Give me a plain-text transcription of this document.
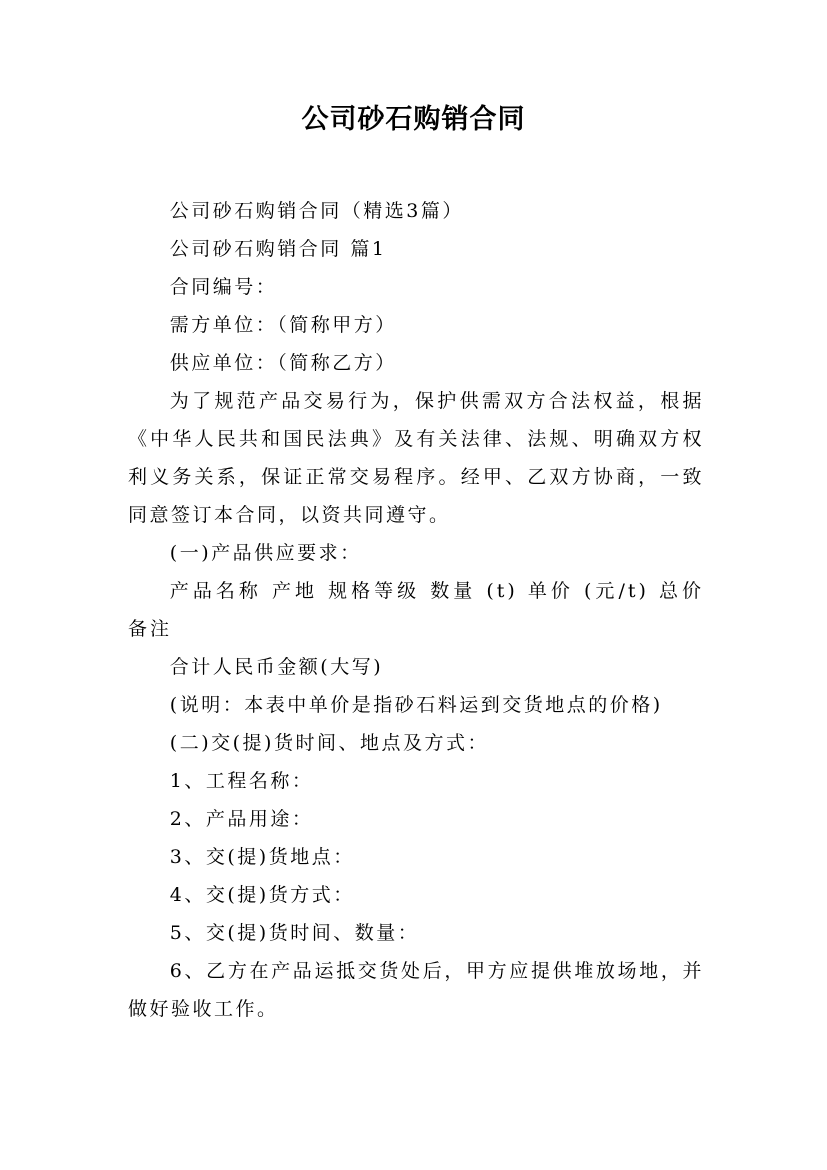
公司砂石购销合同

公司砂石购销合同（精选3篇）

公司砂石购销合同 篇1

合同编号：

需方单位：（简称甲方）

供应单位：（简称乙方）

为了规范产品交易行为，保护供需双方合法权益，根据《中华人民共和国民法典》及有关法律、法规、明确双方权利义务关系，保证正常交易程序。经甲、乙双方协商，一致同意签订本合同，以资共同遵守。

(一)产品供应要求：

产品名称 产地 规格等级 数量 (t) 单价 (元/t) 总价 备注

合计人民币金额(大写)

(说明：本表中单价是指砂石料运到交货地点的价格)

(二)交(提)货时间、地点及方式：

1、工程名称：

2、产品用途：

3、交(提)货地点：

4、交(提)货方式：

5、交(提)货时间、数量：

6、乙方在产品运抵交货处后，甲方应提供堆放场地，并做好验收工作。
